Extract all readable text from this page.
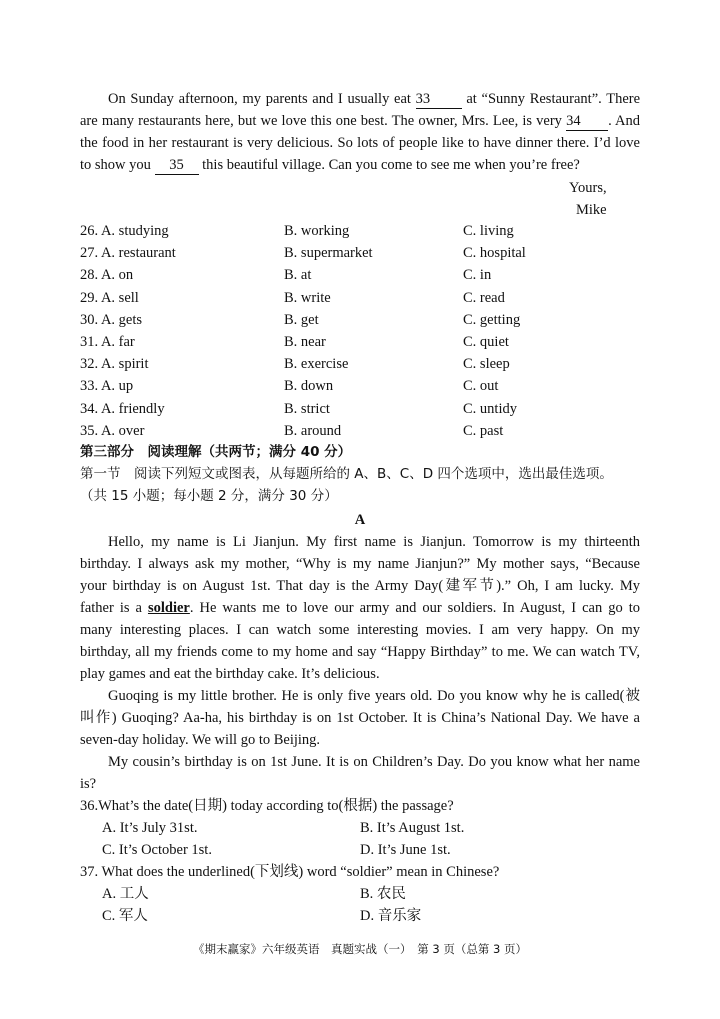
On Sunday afternoon, my parents and I usually eat 33 at “Sunny Restaurant”. There
are many restaurants here, but we love this one best. The owner, Mrs. Lee, is very 34 . And
the food in her restaurant is very delicious. So lots of people like to have dinner there. I’d love
to show you 35 this beautiful village. Can you come to see me when you’re free?
Yours,
Mike
26. A. studying	B. working	C. living
27. A. restaurant	B. supermarket	C. hospital
28. A. on	B. at	C. in
29. A. sell	B. write	C. read
30. A. gets	B. get	C. getting
31. A. far	B. near	C. quiet
32. A. spirit	B. exercise	C. sleep
33. A. up	B. down	C. out
34. A. friendly	B. strict	C. untidy
35. A. over	B. around	C. past
第三部分　阅读理解（共两节；满分 40 分）
第一节　阅读下列短文或图表，从每题所给的 A、B、C、D 四个选项中，选出最佳选项。
（共 15 小题；每小题 2 分，满分 30 分）
A
Hello, my name is Li Jianjun. My first name is Jianjun. Tomorrow is my thirteenth
birthday. I always ask my mother, “Why is my name Jianjun?” My mother says, “Because
your birthday is on August 1st. That day is the Army Day(建军节).” Oh, I am lucky. My
father is a soldier. He wants me to love our army and our soldiers. In August, I can go to
many interesting places. I can watch some interesting movies. I am very happy. On my
birthday, all my friends come to my home and say “Happy Birthday” to me. We can watch TV,
play games and eat the birthday cake. It’s delicious.
Guoqing is my little brother. He is only five years old. Do you know why he is called(被
叫作) Guoqing? Aa-ha, his birthday is on 1st October. It is China’s National Day. We have a
seven-day holiday. We will go to Beijing.
My cousin’s birthday is on 1st June. It is on Children’s Day. Do you know what her name
is?
36.What’s the date(日期) today according to(根据) the passage?
A. It’s July 31st.	B. It’s August 1st.
C. It’s October 1st.	D. It’s June 1st.
37. What does the underlined(下划线) word “soldier” mean in Chinese?
A. 工人	B. 农民
C. 军人	D. 音乐家
《期末赢家》六年级英语　真题实战（一）　第 3 页（总第 3 页）
